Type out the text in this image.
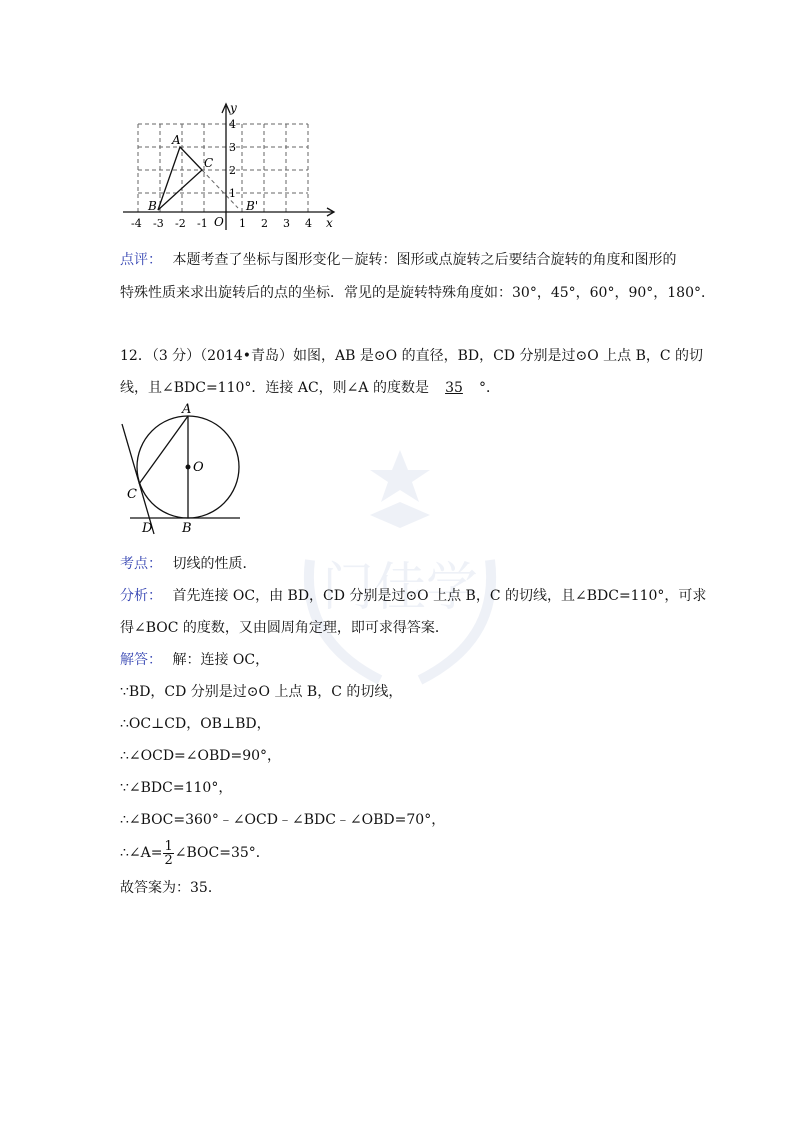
y
x
O
A
B
C
B'
-4 -3 -2 -1	1 2 3 4
1
2
3
4
点评： 本题考查了坐标与图形变化－旋转：图形或点旋转之后要结合旋转的角度和图形的
特殊性质来求出旋转后的点的坐标．常见的是旋转特殊角度如：30°，45°，60°，90°，180°．
12．（3 分）（2014•青岛）如图，AB 是⊙O 的直径，BD，CD 分别是过⊙O 上点 B，C 的切
线，且∠BDC=110°．连接 AC，则∠A 的度数是 35 °．
A
O
C
D B
门佳学
考点： 切线的性质．
分析： 首先连接 OC，由 BD，CD 分别是过⊙O 上点 B，C 的切线，且∠BDC=110°，可求
得∠BOC 的度数，又由圆周角定理，即可求得答案．
解答： 解：连接 OC，
∵BD，CD 分别是过⊙O 上点 B，C 的切线，
∴OC⊥CD，OB⊥BD，
∴∠OCD=∠OBD=90°，
∵∠BDC=110°，
∴∠BOC=360°﹣∠OCD﹣∠BDC﹣∠OBD=70°，
∴∠A= $\frac{1}{2}$ ∠BOC=35°．
故答案为：35．
